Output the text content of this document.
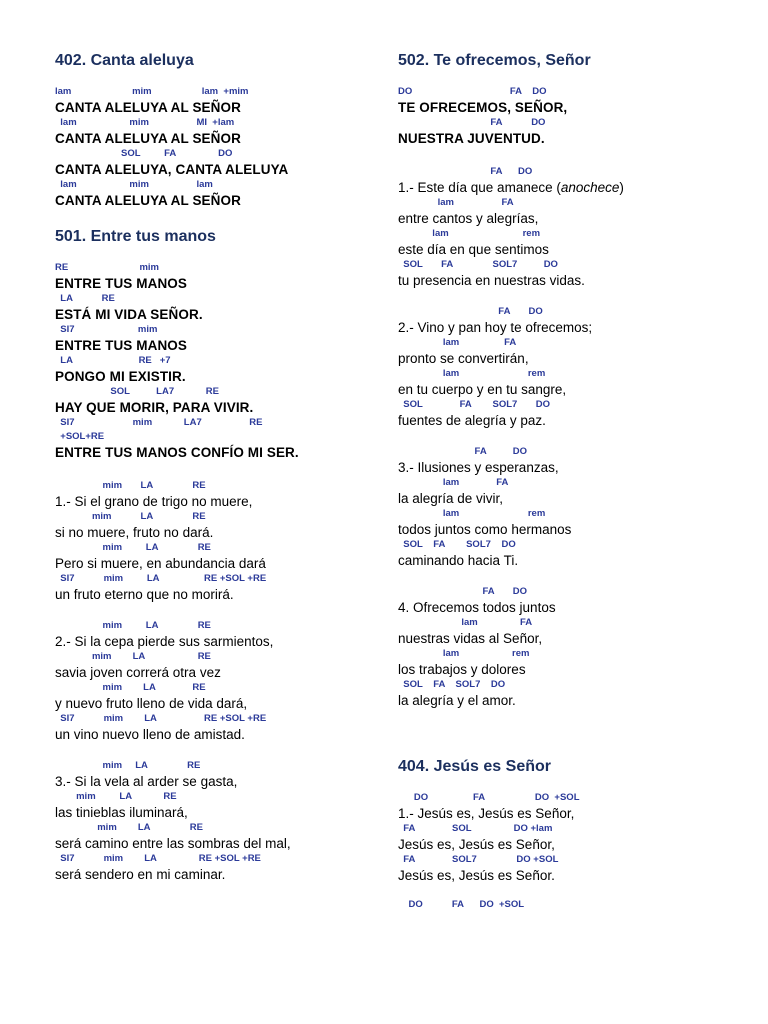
402. Canta aleluya
lam                       mim                   lam  +mim
CANTA ALELUYA AL SEÑOR
lam                    mim                  MI  +lam
CANTA ALELUYA AL SEÑOR
SOL         FA                DO
CANTA ALELUYA, CANTA ALELUYA
lam                    mim                  lam
CANTA ALELUYA AL SEÑOR
501. Entre tus manos
RE                           mim
ENTRE TUS MANOS
LA           RE
ESTÁ MI VIDA SEÑOR.
SI7                        mim
ENTRE TUS MANOS
LA                         RE   +7
PONGO MI EXISTIR.
SOL          LA7            RE
HAY QUE MORIR, PARA VIVIR.
SI7                      mim            LA7                  RE
+SOL+RE
ENTRE TUS MANOS CONFÍO MI SER.
mim       LA               RE
1.- Si el grano de trigo no muere,
mim           LA               RE
si no muere, fruto no dará.
mim         LA               RE
Pero si muere, en abundancia dará
SI7           mim         LA                 RE +SOL +RE
un fruto eterno que no morirá.
mim         LA               RE
2.- Si la cepa pierde sus sarmientos,
mim        LA                    RE
savia joven correrá otra vez
mim        LA              RE
y nuevo fruto lleno de vida dará,
SI7           mim        LA                  RE +SOL +RE
un vino nuevo lleno de amistad.
mim     LA               RE
3.- Si la vela al arder se gasta,
mim         LA            RE
las tinieblas iluminará,
mim        LA               RE
será camino entre las sombras del mal,
SI7           mim        LA                RE +SOL +RE
será sendero en mi caminar.
502. Te ofrecemos, Señor
DO                                     FA    DO
TE OFRECEMOS, SEÑOR,
FA           DO
NUESTRA JUVENTUD.
FA      DO
1.- Este día que amanece (anochece)
lam                  FA
entre cantos y alegrías,
lam                            rem
este día en que sentimos
SOL       FA               SOL7          DO
tu presencia en nuestras vidas.
FA       DO
2.- Vino y pan hoy te ofrecemos;
lam                 FA
pronto se convertirán,
lam                          rem
en tu cuerpo y en tu sangre,
SOL              FA        SOL7       DO
fuentes de alegría y paz.
FA          DO
3.- Ilusiones y esperanzas,
lam              FA
la alegría de vivir,
lam                          rem
todos juntos como hermanos
SOL    FA        SOL7    DO
caminando hacia Ti.
FA       DO
4. Ofrecemos todos juntos
lam                FA
nuestras vidas al Señor,
lam                    rem
los trabajos y dolores
SOL    FA    SOL7    DO
la alegría y el amor.
404. Jesús es Señor
DO                 FA                   DO  +SOL
1.- Jesús es, Jesús es Señor,
FA              SOL                DO +lam
Jesús es, Jesús es Señor,
FA              SOL7               DO +SOL
Jesús es, Jesús es Señor.
DO           FA      DO  +SOL
